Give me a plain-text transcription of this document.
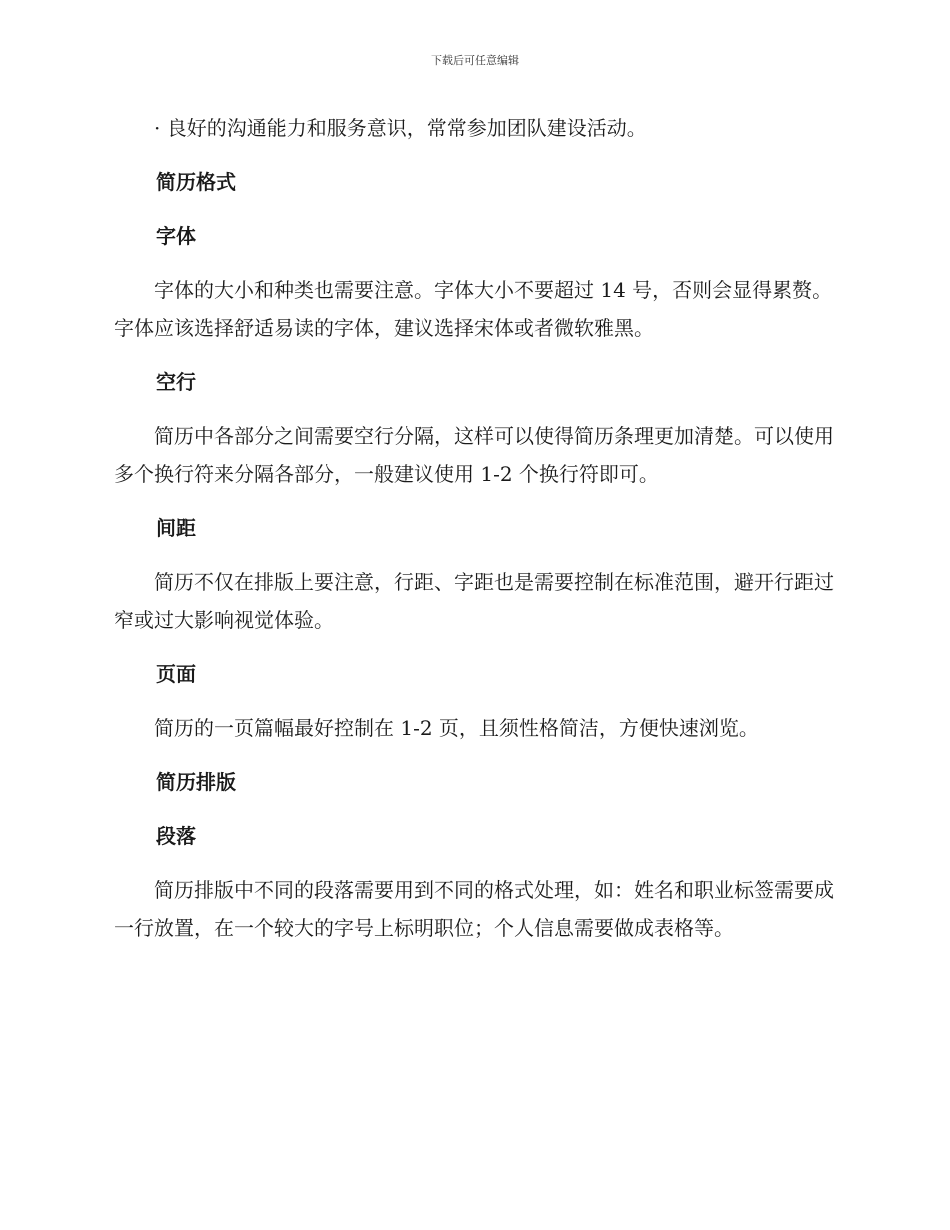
下载后可任意编辑

· 良好的沟通能力和服务意识，常常参加团队建设活动。

简历格式
字体

字体的大小和种类也需要注意。字体大小不要超过 14 号，否则会显得累赘。字体应该选择舒适易读的字体，建议选择宋体或者微软雅黑。

空行

简历中各部分之间需要空行分隔，这样可以使得简历条理更加清楚。可以使用多个换行符来分隔各部分，一般建议使用 1-2 个换行符即可。

间距

简历不仅在排版上要注意，行距、字距也是需要控制在标准范围，避开行距过窄或过大影响视觉体验。

页面

简历的一页篇幅最好控制在 1-2 页，且须性格简洁，方便快速浏览。

简历排版
段落

简历排版中不同的段落需要用到不同的格式处理，如：姓名和职业标签需要成一行放置，在一个较大的字号上标明职位；个人信息需要做成表格等。
